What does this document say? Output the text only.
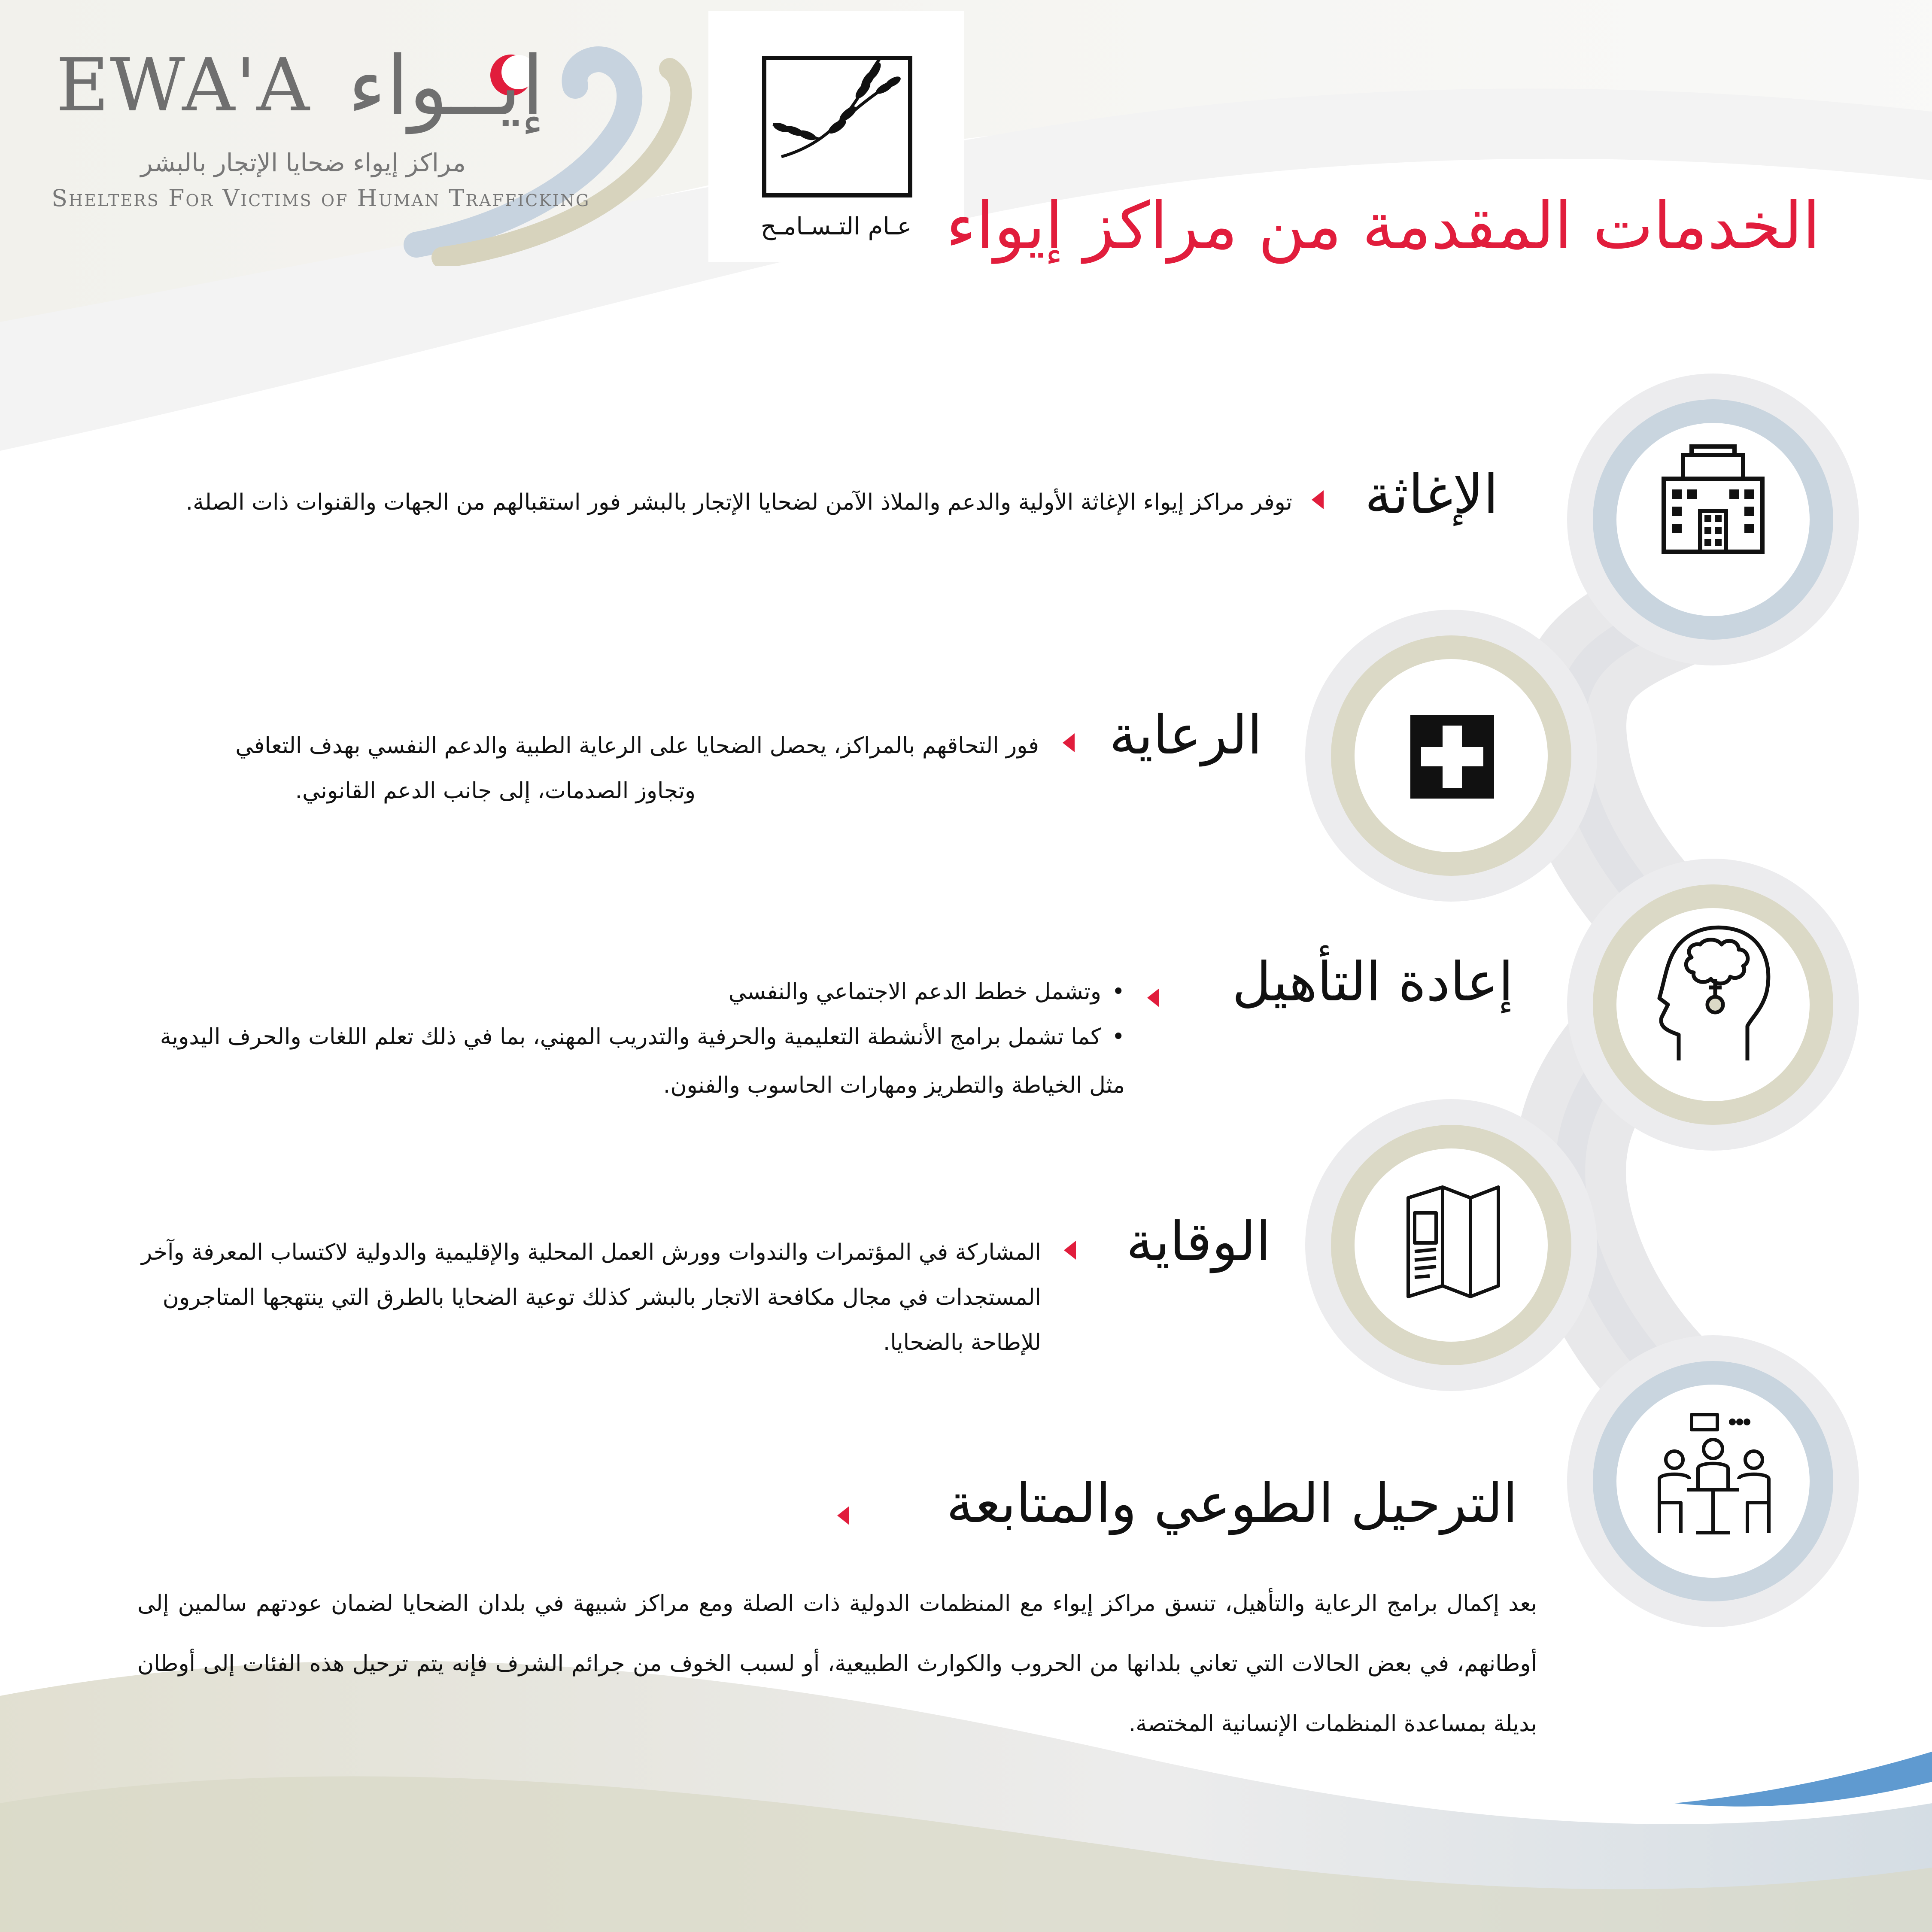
EWA'A إيــواء
مراكز إيواء ضحايا الإتجار بالبشر
Shelters For Victims of Human Trafficking
عـام التـسـامـح الخدمات المقدمة من مراكز إيواء
الإغاثة
توفر مراكز إيواء الإغاثة الأولية والدعم والملاذ الآمن لضحايا الإتجار بالبشر فور استقبالهم من الجهات والقنوات ذات الصلة.
الرعاية
فور التحاقهم بالمراكز، يحصل الضحايا على الرعاية الطبية والدعم النفسي بهدف التعافي
وتجاوز الصدمات، إلى جانب الدعم القانوني.
إعادة التأهيل
• وتشمل خطط الدعم الاجتماعي والنفسي
• كما تشمل برامج الأنشطة التعليمية والحرفية والتدريب المهني، بما في ذلك تعلم اللغات والحرف اليدوية
مثل الخياطة والتطريز ومهارات الحاسوب والفنون.
الوقاية
المشاركة في المؤتمرات والندوات وورش العمل المحلية والإقليمية والدولية لاكتساب المعرفة وآخر
المستجدات في مجال مكافحة الاتجار بالبشر كذلك توعية الضحايا بالطرق التي ينتهجها المتاجرون
للإطاحة بالضحايا.
الترحيل الطوعي والمتابعة
بعد إكمال برامج الرعاية والتأهيل، تنسق مراكز إيواء مع المنظمات الدولية ذات الصلة ومع مراكز شبيهة في بلدان الضحايا لضمان عودتهم سالمين إلى أوطانهم، في بعض الحالات التي تعاني بلدانها من الحروب والكوارث الطبيعية، أو لسبب الخوف من جرائم الشرف فإنه يتم ترحيل هذه الفئات إلى أوطان بديلة بمساعدة المنظمات الإنسانية المختصة.
